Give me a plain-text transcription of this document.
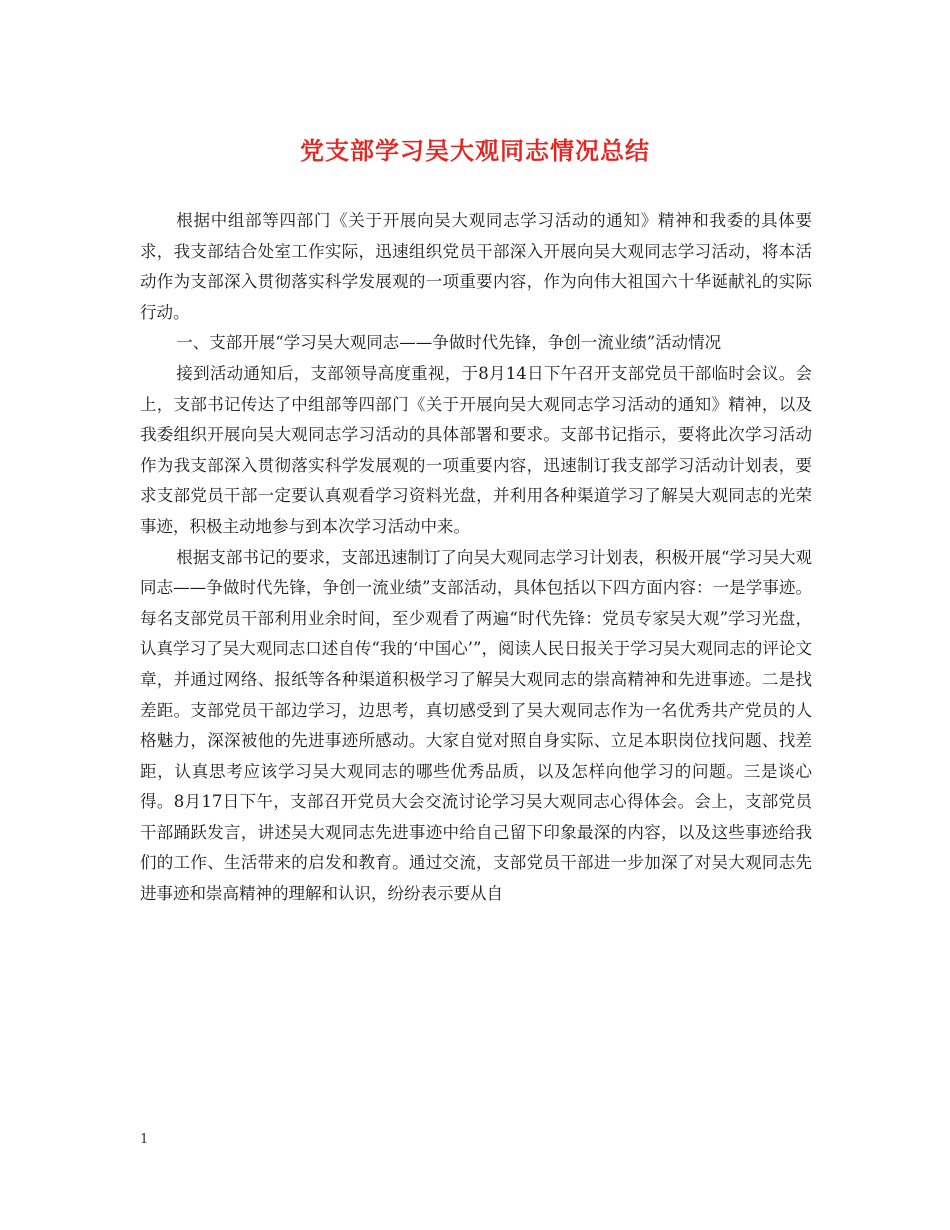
党支部学习吴大观同志情况总结

根据中组部等四部门《关于开展向吴大观同志学习活动的通知》精神和我委的具体要求，我支部结合处室工作实际，迅速组织党员干部深入开展向吴大观同志学习活动，将本活动作为支部深入贯彻落实科学发展观的一项重要内容，作为向伟大祖国六十华诞献礼的实际行动。

一、支部开展“学习吴大观同志——争做时代先锋，争创一流业绩”活动情况

接到活动通知后，支部领导高度重视，于8月14日下午召开支部党员干部临时会议。会上，支部书记传达了中组部等四部门《关于开展向吴大观同志学习活动的通知》精神，以及我委组织开展向吴大观同志学习活动的具体部署和要求。支部书记指示，要将此次学习活动作为我支部深入贯彻落实科学发展观的一项重要内容，迅速制订我支部学习活动计划表，要求支部党员干部一定要认真观看学习资料光盘，并利用各种渠道学习了解吴大观同志的光荣事迹，积极主动地参与到本次学习活动中来。

根据支部书记的要求，支部迅速制订了向吴大观同志学习计划表，积极开展“学习吴大观同志——争做时代先锋，争创一流业绩”支部活动，具体包括以下四方面内容：一是学事迹。每名支部党员干部利用业余时间，至少观看了两遍“时代先锋：党员专家吴大观”学习光盘，认真学习了吴大观同志口述自传“我的‘中国心’”，阅读人民日报关于学习吴大观同志的评论文章，并通过网络、报纸等各种渠道积极学习了解吴大观同志的崇高精神和先进事迹。二是找差距。支部党员干部边学习，边思考，真切感受到了吴大观同志作为一名优秀共产党员的人格魅力，深深被他的先进事迹所感动。大家自觉对照自身实际、立足本职岗位找问题、找差距，认真思考应该学习吴大观同志的哪些优秀品质，以及怎样向他学习的问题。三是谈心得。8月17日下午，支部召开党员大会交流讨论学习吴大观同志心得体会。会上，支部党员干部踊跃发言，讲述吴大观同志先进事迹中给自己留下印象最深的内容，以及这些事迹给我们的工作、生活带来的启发和教育。通过交流，支部党员干部进一步加深了对吴大观同志先进事迹和崇高精神的理解和认识，纷纷表示要从自

1
